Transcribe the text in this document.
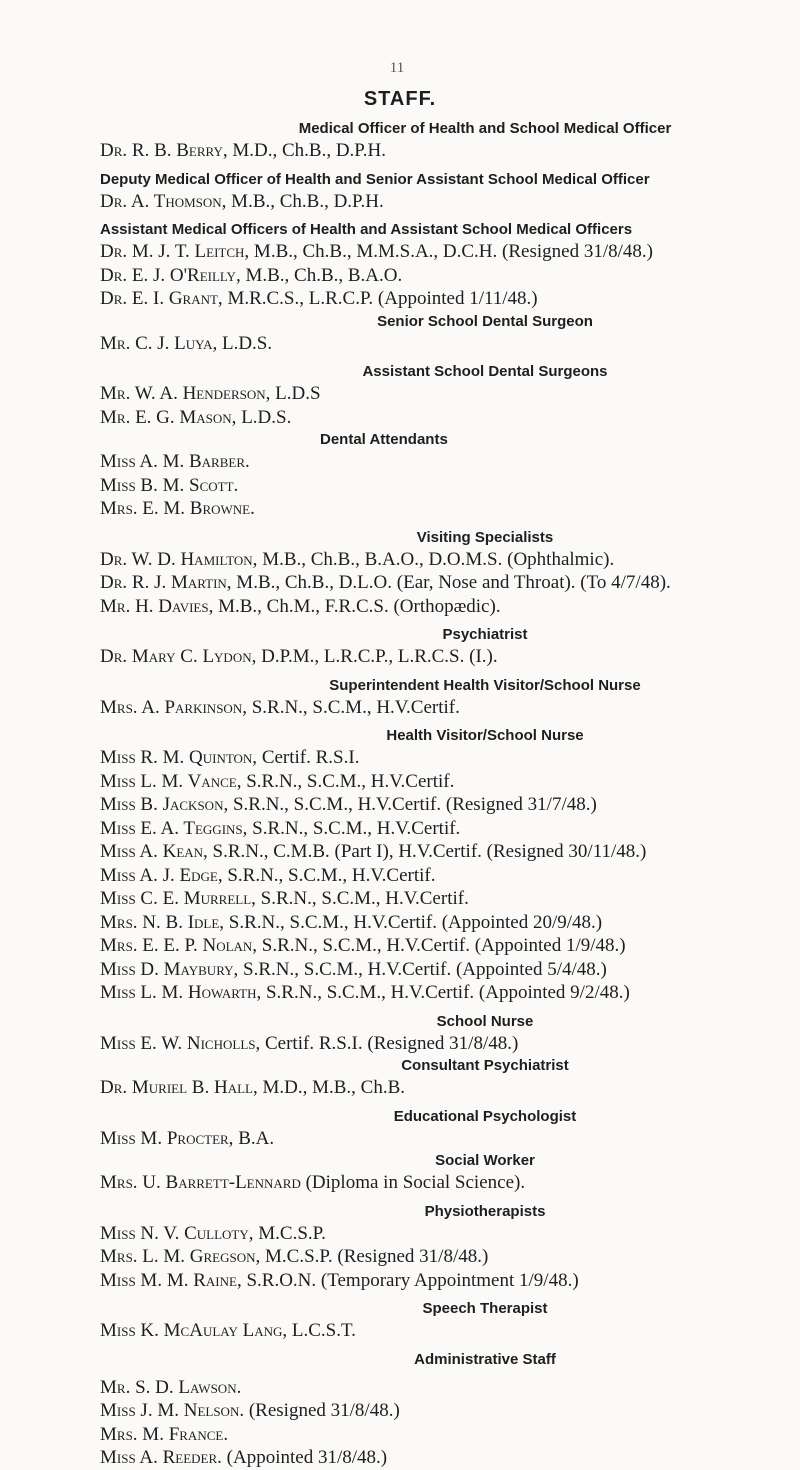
11
STAFF.
Medical Officer of Health and School Medical Officer
Dr. R. B. Berry, M.D., Ch.B., D.P.H.
Deputy Medical Officer of Health and Senior Assistant School Medical Officer
Dr. A. Thomson, M.B., Ch.B., D.P.H.
Assistant Medical Officers of Health and Assistant School Medical Officers
Dr. M. J. T. Leitch, M.B., Ch.B., M.M.S.A., D.C.H. (Resigned 31/8/48.)
Dr. E. J. O'Reilly, M.B., Ch.B., B.A.O.
Dr. E. I. Grant, M.R.C.S., L.R.C.P. (Appointed 1/11/48.)
Senior School Dental Surgeon
Mr. C. J. Luya, L.D.S.
Assistant School Dental Surgeons
Mr. W. A. Henderson, L.D.S
Mr. E. G. Mason, L.D.S.
Dental Attendants
Miss A. M. Barber.
Miss B. M. Scott.
Mrs. E. M. Browne.
Visiting Specialists
Dr. W. D. Hamilton, M.B., Ch.B., B.A.O., D.O.M.S. (Ophthalmic).
Dr. R. J. Martin, M.B., Ch.B., D.L.O. (Ear, Nose and Throat). (To 4/7/48).
Mr. H. Davies, M.B., Ch.M., F.R.C.S. (Orthopædic).
Psychiatrist
Dr. Mary C. Lydon, D.P.M., L.R.C.P., L.R.C.S. (I.).
Superintendent Health Visitor/School Nurse
Mrs. A. Parkinson, S.R.N., S.C.M., H.V.Certif.
Health Visitor/School Nurse
Miss R. M. Quinton, Certif. R.S.I.
Miss L. M. Vance, S.R.N., S.C.M., H.V.Certif.
Miss B. Jackson, S.R.N., S.C.M., H.V.Certif. (Resigned 31/7/48.)
Miss E. A. Teggins, S.R.N., S.C.M., H.V.Certif.
Miss A. Kean, S.R.N., C.M.B. (Part I), H.V.Certif. (Resigned 30/11/48.)
Miss A. J. Edge, S.R.N., S.C.M., H.V.Certif.
Miss C. E. Murrell, S.R.N., S.C.M., H.V.Certif.
Mrs. N. B. Idle, S.R.N., S.C.M., H.V.Certif. (Appointed 20/9/48.)
Mrs. E. E. P. Nolan, S.R.N., S.C.M., H.V.Certif. (Appointed 1/9/48.)
Miss D. Maybury, S.R.N., S.C.M., H.V.Certif. (Appointed 5/4/48.)
Miss L. M. Howarth, S.R.N., S.C.M., H.V.Certif. (Appointed 9/2/48.)
School Nurse
Miss E. W. Nicholls, Certif. R.S.I. (Resigned 31/8/48.)
Consultant Psychiatrist
Dr. Muriel B. Hall, M.D., M.B., Ch.B.
Educational Psychologist
Miss M. Procter, B.A.
Social Worker
Mrs. U. Barrett-Lennard (Diploma in Social Science).
Physiotherapists
Miss N. V. Culloty, M.C.S.P.
Mrs. L. M. Gregson, M.C.S.P. (Resigned 31/8/48.)
Miss M. M. Raine, S.R.O.N. (Temporary Appointment 1/9/48.)
Speech Therapist
Miss K. McAulay Lang, L.C.S.T.
Administrative Staff
Mr. S. D. Lawson.
Miss J. M. Nelson. (Resigned 31/8/48.)
Mrs. M. France.
Miss A. Reeder. (Appointed 31/8/48.)
